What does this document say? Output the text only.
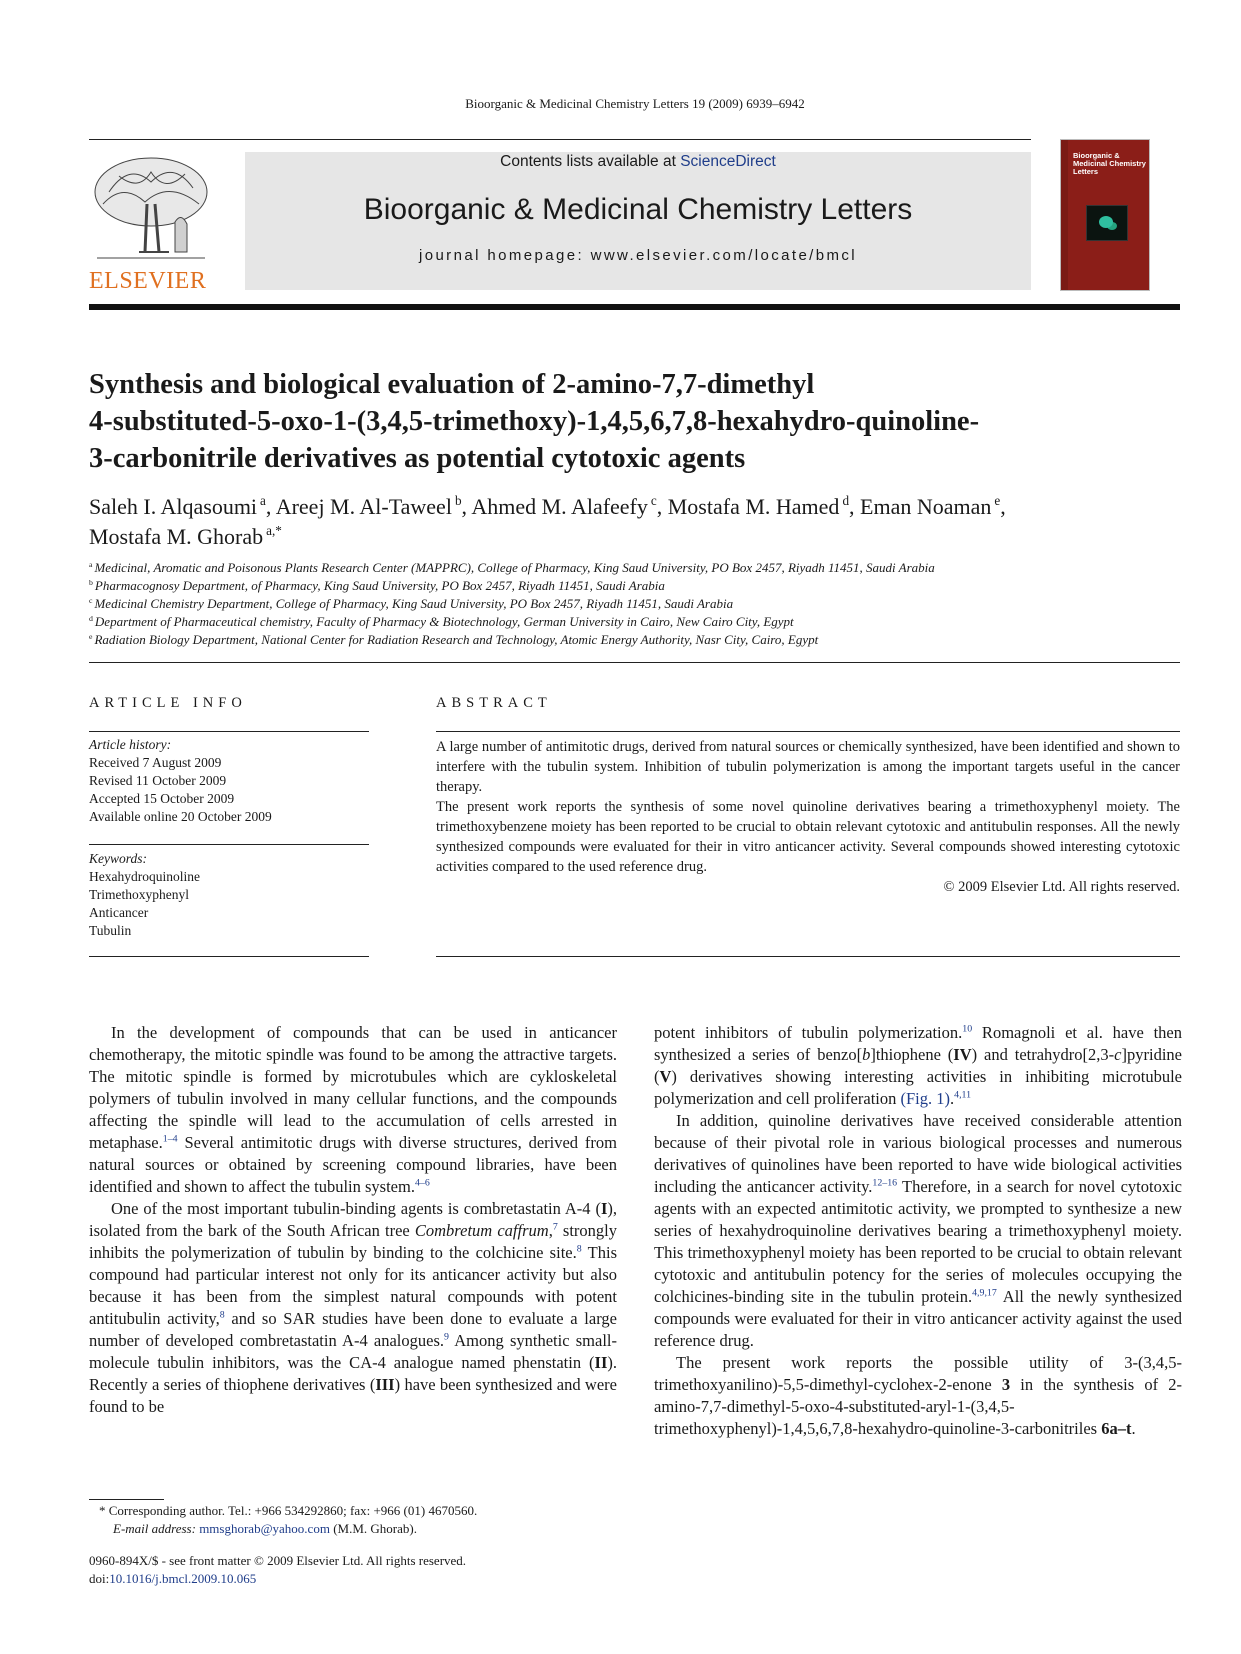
Bioorganic & Medicinal Chemistry Letters 19 (2009) 6939–6942
ELSEVIER
Contents lists available at ScienceDirect
Bioorganic & Medicinal Chemistry Letters
journal homepage: www.elsevier.com/locate/bmcl
Bioorganic & Medicinal Chemistry Letters
Synthesis and biological evaluation of 2-amino-7,7-dimethyl
4-substituted-5-oxo-1-(3,4,5-trimethoxy)-1,4,5,6,7,8-hexahydro-quinoline-
3-carbonitrile derivatives as potential cytotoxic agents
Saleh I. Alqasoumi $^a$, Areej M. Al-Taweel $^b$, Ahmed M. Alafeefy $^c$, Mostafa M. Hamed $^d$, Eman Noaman $^e$,
Mostafa M. Ghorab $^{a,*}$
$^a$ Medicinal, Aromatic and Poisonous Plants Research Center (MAPPRC), College of Pharmacy, King Saud University, PO Box 2457, Riyadh 11451, Saudi Arabia
$^b$ Pharmacognosy Department, of Pharmacy, King Saud University, PO Box 2457, Riyadh 11451, Saudi Arabia
$^c$ Medicinal Chemistry Department, College of Pharmacy, King Saud University, PO Box 2457, Riyadh 11451, Saudi Arabia
$^d$ Department of Pharmaceutical chemistry, Faculty of Pharmacy & Biotechnology, German University in Cairo, New Cairo City, Egypt
$^e$ Radiation Biology Department, National Center for Radiation Research and Technology, Atomic Energy Authority, Nasr City, Cairo, Egypt
ARTICLE INFO	ABSTRACT
Article history:
Received 7 August 2009
Revised 11 October 2009
Accepted 15 October 2009
Available online 20 October 2009
Keywords:
Hexahydroquinoline
Trimethoxyphenyl
Anticancer
Tubulin

A large number of antimitotic drugs, derived from natural sources or chemically synthesized, have been identified and shown to interfere with the tubulin system. Inhibition of tubulin polymerization is among the important targets useful in the cancer therapy.

The present work reports the synthesis of some novel quinoline derivatives bearing a trimethoxyphenyl moiety. The trimethoxybenzene moiety has been reported to be crucial to obtain relevant cytotoxic and antitubulin responses. All the newly synthesized compounds were evaluated for their in vitro anticancer activity. Several compounds showed interesting cytotoxic activities compared to the used reference drug.

© 2009 Elsevier Ltd. All rights reserved.

In the development of compounds that can be used in anticancer chemotherapy, the mitotic spindle was found to be among the attractive targets. The mitotic spindle is formed by microtubules which are cykloskeletal polymers of tubulin involved in many cellular functions, and the compounds affecting the spindle will lead to the accumulation of cells arrested in metaphase.$^{1-4}$ Several antimitotic drugs with diverse structures, derived from natural sources or obtained by screening compound libraries, have been identified and shown to affect the tubulin system.$^{4-6}$

One of the most important tubulin-binding agents is combretastatin A-4 (I), isolated from the bark of the South African tree Combretum caffrum,$^7$ strongly inhibits the polymerization of tubulin by binding to the colchicine site.$^8$ This compound had particular interest not only for its anticancer activity but also because it has been from the simplest natural compounds with potent antitubulin activity,$^8$ and so SAR studies have been done to evaluate a large number of developed combretastatin A-4 analogues.$^9$ Among synthetic small-molecule tubulin inhibitors, was the CA-4 analogue named phenstatin (II). Recently a series of thiophene derivatives (III) have been synthesized and were found to be

potent inhibitors of tubulin polymerization.$^{10}$ Romagnoli et al. have then synthesized a series of benzo[b]thiophene (IV) and tetrahydro[2,3-c]pyridine (V) derivatives showing interesting activities in inhibiting microtubule polymerization and cell proliferation (Fig. 1).$^{4,11}$

In addition, quinoline derivatives have received considerable attention because of their pivotal role in various biological processes and numerous derivatives of quinolines have been reported to have wide biological activities including the anticancer activity.$^{12-16}$ Therefore, in a search for novel cytotoxic agents with an expected antimitotic activity, we prompted to synthesize a new series of hexahydroquinoline derivatives bearing a trimethoxyphenyl moiety. This trimethoxyphenyl moiety has been reported to be crucial to obtain relevant cytotoxic and antitubulin potency for the series of molecules occupying the colchicines-binding site in the tubulin protein.$^{4,9,17}$ All the newly synthesized compounds were evaluated for their in vitro anticancer activity against the used reference drug.

The present work reports the possible utility of 3-(3,4,5-trimethoxyanilino)-5,5-dimethyl-cyclohex-2-enone 3 in the synthesis of 2-amino-7,7-dimethyl-5-oxo-4-substituted-aryl-1-(3,4,5-trimethoxyphenyl)-1,4,5,6,7,8-hexahydro-quinoline-3-carbonitriles 6a–t.

* Corresponding author. Tel.: +966 534292860; fax: +966 (01) 4670560.
E-mail address: mmsghorab@yahoo.com (M.M. Ghorab).
0960-894X/$ - see front matter © 2009 Elsevier Ltd. All rights reserved.
doi:10.1016/j.bmcl.2009.10.065
